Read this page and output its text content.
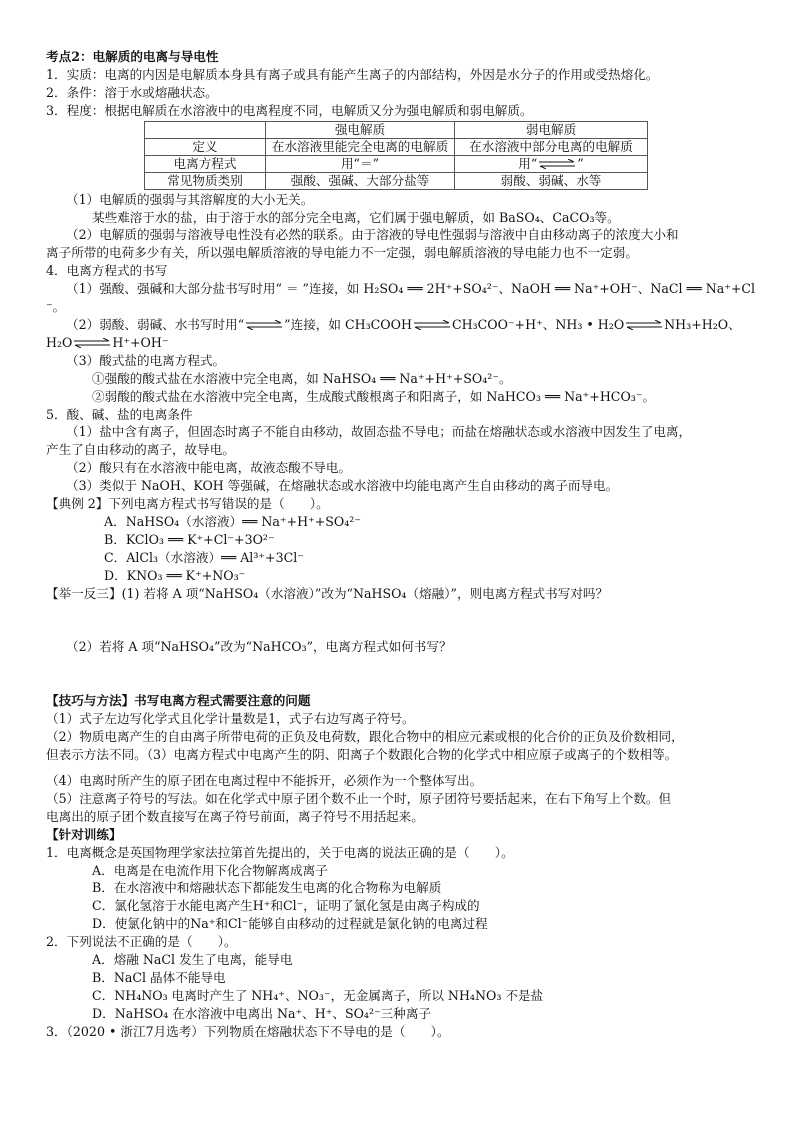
考点2：电解质的电离与导电性
1．实质：电离的内因是电解质本身具有离子或具有能产生离子的内部结构，外因是水分子的作用或受热熔化。
2．条件：溶于水或熔融状态。
3．程度：根据电解质在水溶液中的电离程度不同，电解质又分为强电解质和弱电解质。
	强电解质	弱电解质
定义	在水溶液里能完全电离的电解质	在水溶液中部分电离的电解质
电离方程式	用“＝”	用“⇌”
常见物质类别	强酸、强碱、大部分盐等	弱酸、弱碱、水等
（1）电解质的强弱与其溶解度的大小无关。
某些难溶于水的盐，由于溶于水的部分完全电离，它们属于强电解质，如 BaSO₄、CaCO₃等。
（2）电解质的强弱与溶液导电性没有必然的联系。由于溶液的导电性强弱与溶液中自由移动离子的浓度大小和
离子所带的电荷多少有关，所以强电解质溶液的导电能力不一定强，弱电解质溶液的导电能力也不一定弱。
4．电离方程式的书写
（1）强酸、强碱和大部分盐书写时用“ ＝ ”连接，如 H₂SO₄ ══ 2H⁺+SO₄²⁻、NaOH ══ Na⁺+OH⁻、NaCl ══ Na⁺+Cl
⁻。
（2）弱酸、弱碱、水书写时用“⇌”连接，如 CH₃COOH⇌CH₃COO⁻+H⁺、NH₃ • H₂O⇌NH₃+H₂O、
H₂O⇌H⁺+OH⁻
（3）酸式盐的电离方程式。
①强酸的酸式盐在水溶液中完全电离，如 NaHSO₄ ══ Na⁺+H⁺+SO₄²⁻。
②弱酸的酸式盐在水溶液中完全电离，生成酸式酸根离子和阳离子，如 NaHCO₃ ══ Na⁺+HCO₃⁻。
5．酸、碱、盐的电离条件
（1）盐中含有离子，但固态时离子不能自由移动，故固态盐不导电；而盐在熔融状态或水溶液中因发生了电离，
产生了自由移动的离子，故导电。
（2）酸只有在水溶液中能电离，故液态酸不导电。
（3）类似于 NaOH、KOH 等强碱，在熔融状态或水溶液中均能电离产生自由移动的离子而导电。
【典例 2】下列电离方程式书写错误的是（　　）。
A．NaHSO₄（水溶液）══ Na⁺+H⁺+SO₄²⁻
B．KClO₃ ══ K⁺+Cl⁻+3O²⁻
C．AlCl₃（水溶液）══ Al³⁺+3Cl⁻
D．KNO₃ ══ K⁺+NO₃⁻
【举一反三】(1) 若将 A 项“NaHSO₄（水溶液）”改为“NaHSO₄（熔融）”，则电离方程式书写对吗？
（2）若将 A 项“NaHSO₄”改为“NaHCO₃”，电离方程式如何书写？
【技巧与方法】书写电离方程式需要注意的问题
（1）式子左边写化学式且化学计量数是1，式子右边写离子符号。
（2）物质电离产生的自由离子所带电荷的正负及电荷数，跟化合物中的相应元素或根的化合价的正负及价数相同，
但表示方法不同。（3）电离方程式中电离产生的阴、阳离子个数跟化合物的化学式中相应原子或离子的个数相等。
（4）电离时所产生的原子团在电离过程中不能拆开，必须作为一个整体写出。
（5）注意离子符号的写法。如在化学式中原子团个数不止一个时，原子团符号要括起来，在右下角写上个数。但
电离出的原子团个数直接写在离子符号前面，离子符号不用括起来。
【针对训练】
1．电离概念是英国物理学家法拉第首先提出的，关于电离的说法正确的是（　　）。
A．电离是在电流作用下化合物解离成离子
B．在水溶液中和熔融状态下都能发生电离的化合物称为电解质
C．氯化氢溶于水能电离产生H⁺和Cl⁻，证明了氯化氢是由离子构成的
D．使氯化钠中的Na⁺和Cl⁻能够自由移动的过程就是氯化钠的电离过程
2．下列说法不正确的是（　　）。
A．熔融 NaCl 发生了电离，能导电
B．NaCl 晶体不能导电
C．NH₄NO₃ 电离时产生了 NH₄⁺、NO₃⁻，无金属离子，所以 NH₄NO₃ 不是盐
D．NaHSO₄ 在水溶液中电离出 Na⁺、H⁺、SO₄²⁻三种离子
3．（2020 • 浙江7月选考）下列物质在熔融状态下不导电的是（　　）。
